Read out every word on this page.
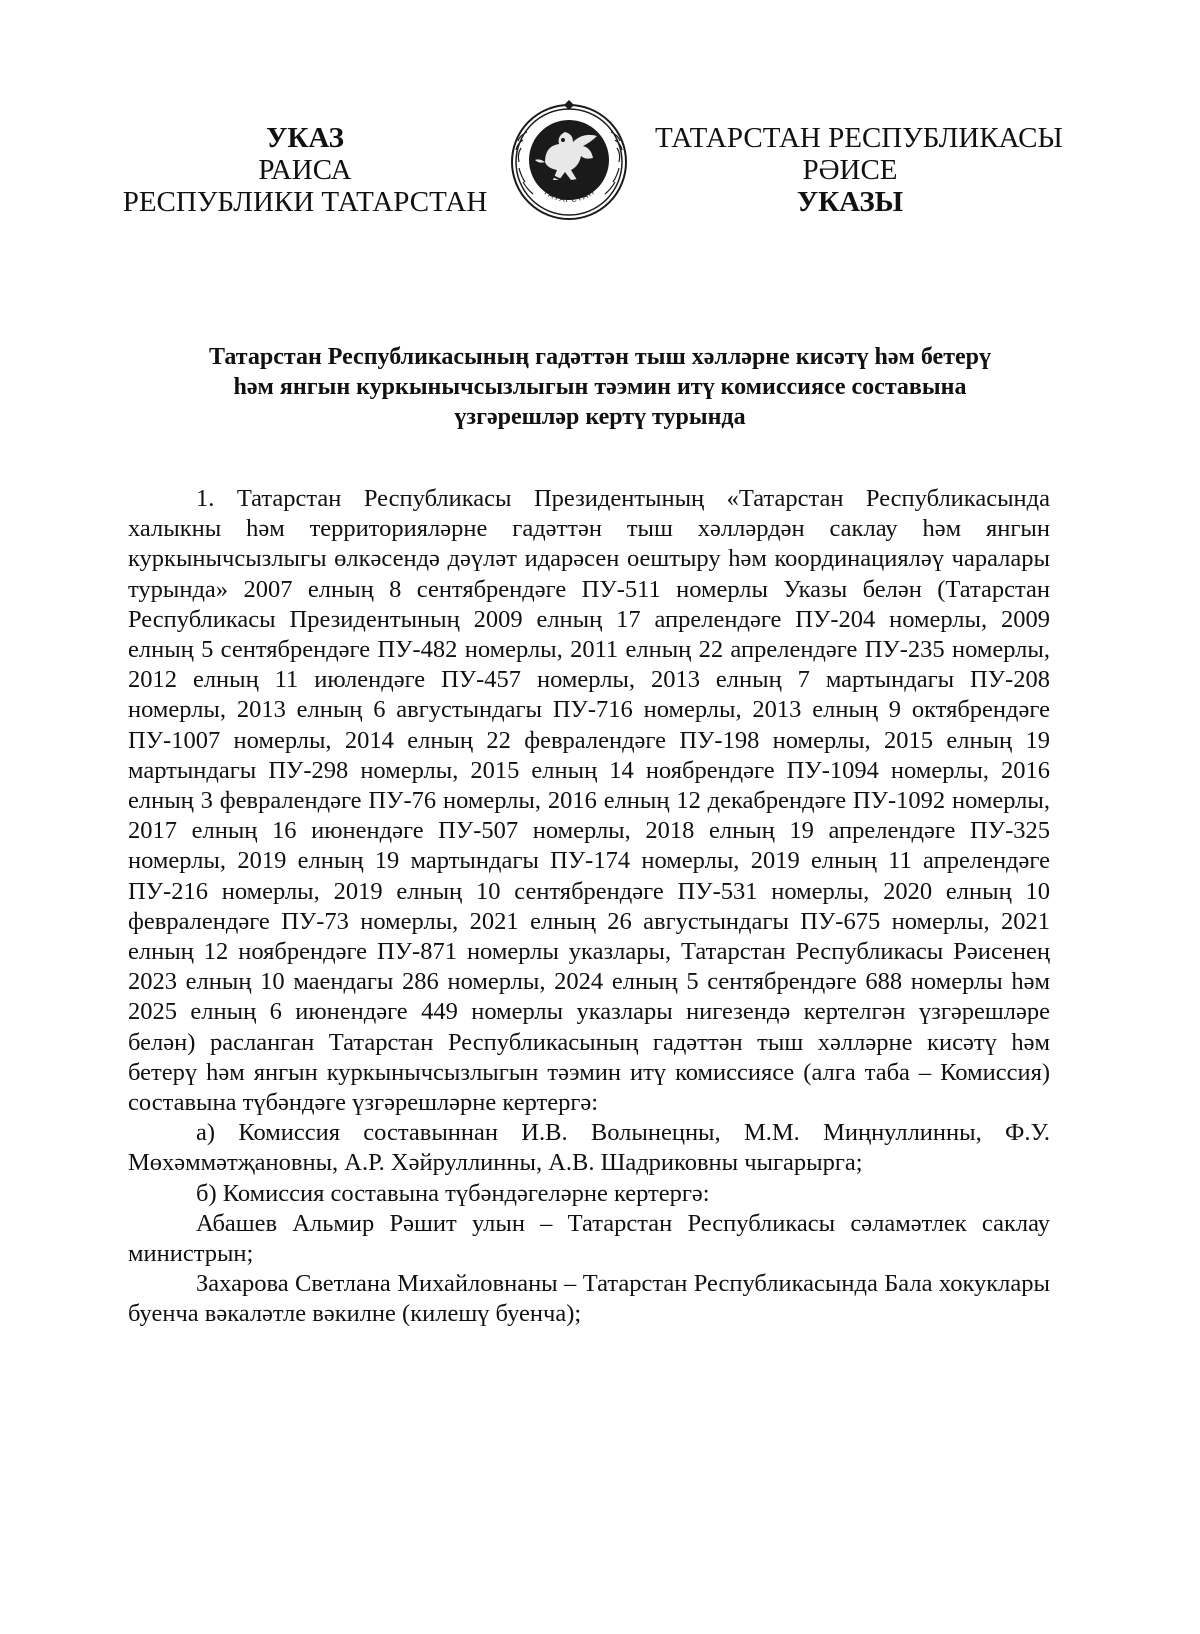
УКАЗ
РАИСА
РЕСПУБЛИКИ ТАТАРСТАН	ТАТАРСТАН
ТАТАРСТАН РЕСПУБЛИКАСЫ
РӘИСЕ
УКАЗЫ
Татарстан Республикасының гадәттән тыш хәлләрне кисәтү һәм бетерү
һәм янгын куркынычсызлыгын тәэмин итү комиссиясе составына
үзгәрешләр кертү турында

1. Татарстан Республикасы Президентының «Татарстан Республикасында халыкны һәм территорияләрне гадәттән тыш хәлләрдән саклау һәм янгын куркынычсызлыгы өлкәсендә дәүләт идарәсен оештыру һәм координацияләү чаралары турында» 2007 елның 8 сентябрендәге ПУ-511 номерлы Указы белән (Татарстан Республикасы Президентының 2009 елның 17 апрелендәге ПУ-204 номерлы, 2009 елның 5 сентябрендәге ПУ-482 номерлы, 2011 елның 22 апрелендәге ПУ-235 номерлы, 2012 елның 11 июлендәге ПУ-457 номерлы, 2013 елның 7 мартындагы ПУ-208 номерлы, 2013 елның 6 августындагы ПУ-716 номерлы, 2013 елның 9 октябрендәге ПУ-1007 номерлы, 2014 елның 22 февралендәге ПУ-198 номерлы, 2015 елның 19 мартындагы ПУ-298 номерлы, 2015 елның 14 ноябрендәге ПУ-1094 номерлы, 2016 елның 3 февралендәге ПУ-76 номерлы, 2016 елның 12 декабрендәге ПУ-1092 номерлы, 2017 елның 16 июнендәге ПУ-507 номерлы, 2018 елның 19 апрелендәге ПУ-325 номерлы, 2019 елның 19 мартындагы ПУ-174 номерлы, 2019 елның 11 апрелендәге ПУ-216 номерлы, 2019 елның 10 сентябрендәге ПУ-531 номерлы, 2020 елның 10 февралендәге ПУ-73 номерлы, 2021 елның 26 августындагы ПУ-675 номерлы, 2021 елның 12 ноябрендәге ПУ-871 номерлы указлары, Татарстан Республикасы Рәисенең 2023 елның 10 маендагы 286 номерлы, 2024 елның 5 сентябрендәге 688 номерлы һәм 2025 елның 6 июнендәге 449 номерлы указлары нигезендә кертелгән үзгәрешләре белән) расланган Татарстан Республикасының гадәттән тыш хәлләрне кисәтү һәм бетерү һәм янгын куркынычсызлыгын тәэмин итү комиссиясе (алга таба – Комиссия) составына түбәндәге үзгәрешләрне кертергә:

а) Комиссия составыннан И.В. Волынецны, М.М. Миңнуллинны, Ф.У. Мөхәммәтҗановны, А.Р. Хәйруллинны, А.В. Шадриковны чыгарырга;

б) Комиссия составына түбәндәгеләрне кертергә:

Абашев Альмир Рәшит улын – Татарстан Республикасы сәламәтлек саклау министрын;

Захарова Светлана Михайловнаны – Татарстан Республикасында Бала хокуклары буенча вәкаләтле вәкилне (килешү буенча);
